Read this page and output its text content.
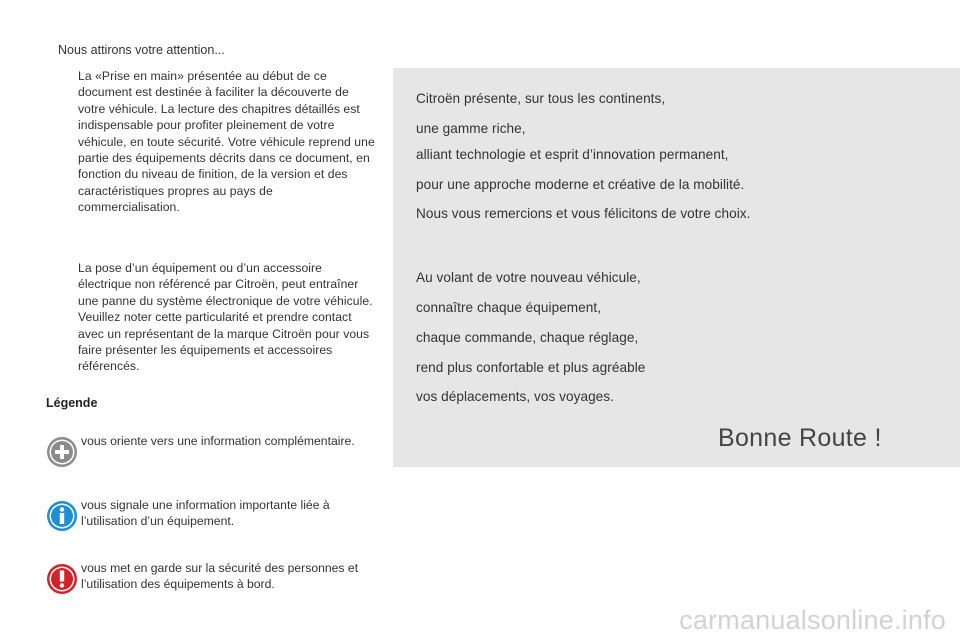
Nous attirons votre attention...
La «Prise en main» présentée au début de ce document est destinée à faciliter la découverte de votre véhicule. La lecture des chapitres détaillés est indispensable pour profiter pleinement de votre véhicule, en toute sécurité. Votre véhicule reprend une partie des équipements décrits dans ce document, en fonction du niveau de finition, de la version et des caractéristiques propres au pays de commercialisation.
La pose d’un équipement ou d’un accessoire électrique non référencé par Citroën, peut entraîner une panne du système électronique de votre véhicule. Veuillez noter cette particularité et prendre contact avec un représentant de la marque Citroën pour vous faire présenter les équipements et accessoires référencés.
Légende
vous oriente vers une information complémentaire.
vous signale une information importante liée à l’utilisation d’un équipement.
vous met en garde sur la sécurité des personnes et l’utilisation des équipements à bord.
Citroën présente, sur tous les continents,
une gamme riche,
alliant technologie et esprit d’innovation permanent,
pour une approche moderne et créative de la mobilité.
Nous vous remercions et vous félicitons de votre choix.
Au volant de votre nouveau véhicule,
connaître chaque équipement,
chaque commande, chaque réglage,
rend plus confortable et plus agréable
vos déplacements, vos voyages.
Bonne Route !
carmanualsonline.info
